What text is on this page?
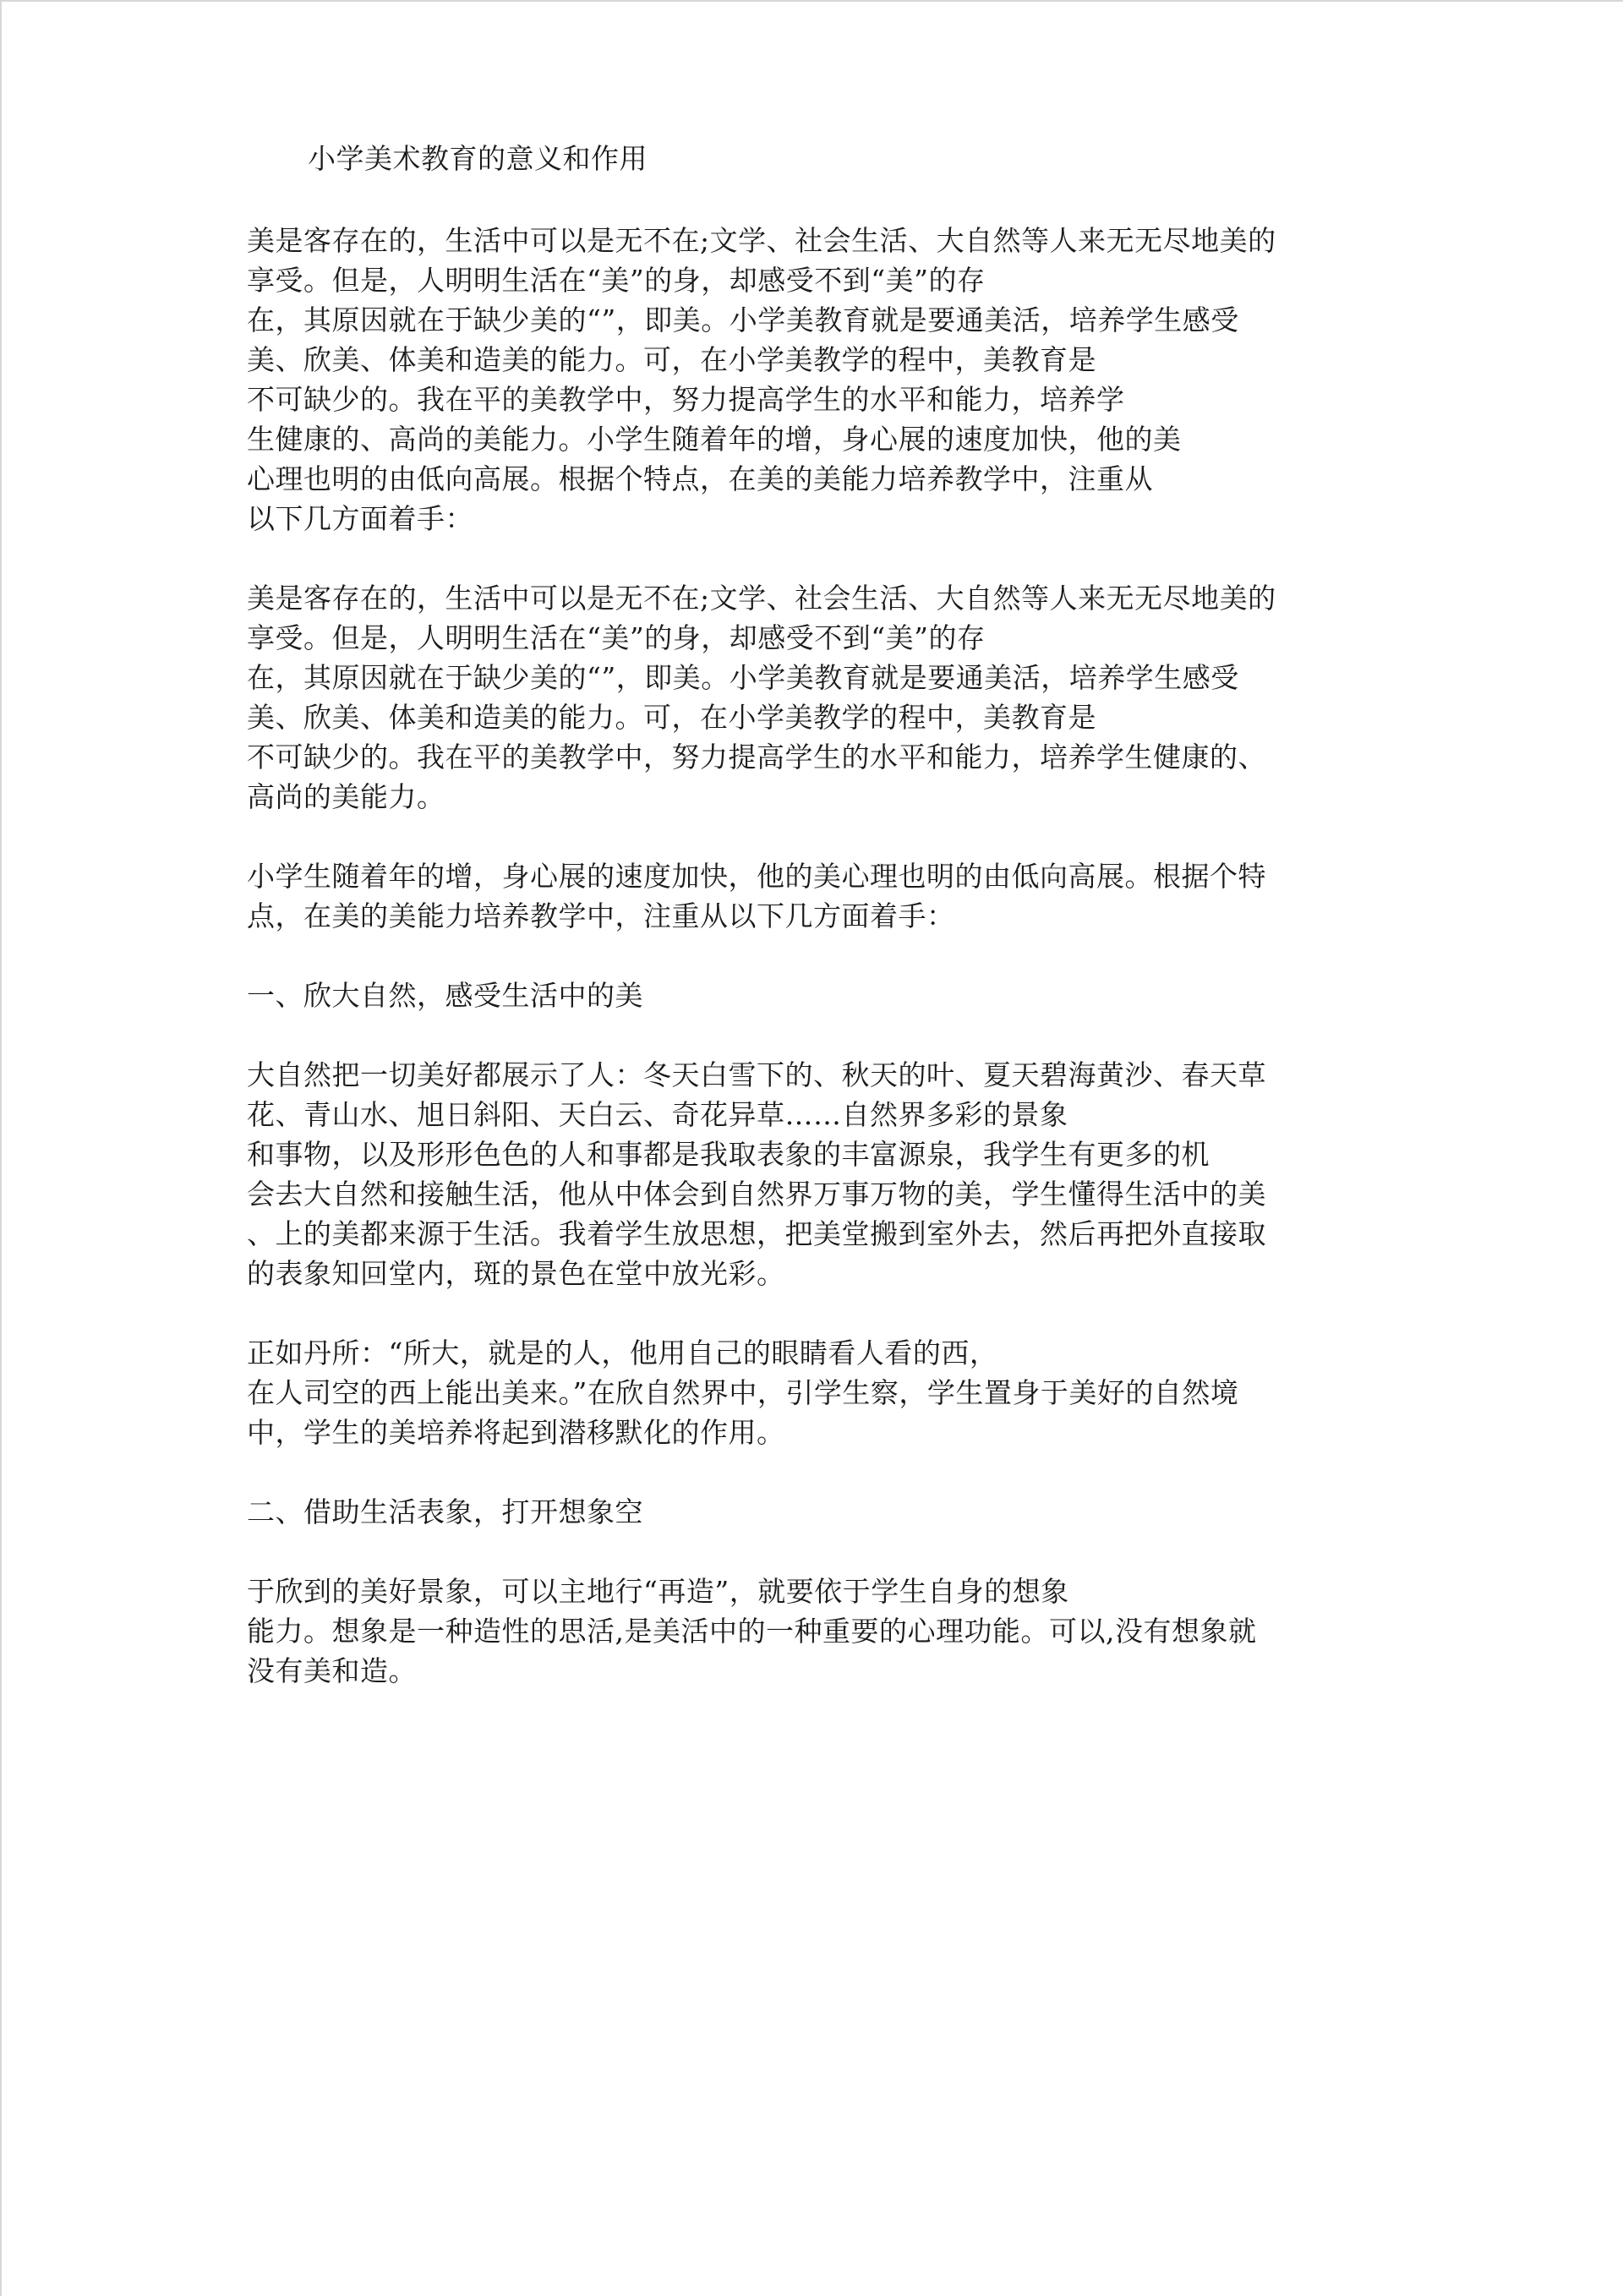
小学美术教育的意义和作用
美是客存在的，生活中可以是无不在;文学、社会生活、大自然等人来无无尽地美的
享受。但是，人明明生活在“美”的身，却感受不到“美”的存
在，其原因就在于缺少美的“”，即美。小学美教育就是要通美活，培养学生感受
美、欣美、体美和造美的能力。可，在小学美教学的程中，美教育是
不可缺少的。我在平的美教学中，努力提高学生的水平和能力，培养学
生健康的、高尚的美能力。小学生随着年的增，身心展的速度加快，他的美
心理也明的由低向高展。根据个特点，在美的美能力培养教学中，注重从
以下几方面着手：
美是客存在的，生活中可以是无不在;文学、社会生活、大自然等人来无无尽地美的
享受。但是，人明明生活在“美”的身，却感受不到“美”的存
在，其原因就在于缺少美的“”，即美。小学美教育就是要通美活，培养学生感受
美、欣美、体美和造美的能力。可，在小学美教学的程中，美教育是
不可缺少的。我在平的美教学中，努力提高学生的水平和能力，培养学生健康的、
高尚的美能力。
小学生随着年的增，身心展的速度加快，他的美心理也明的由低向高展。根据个特
点，在美的美能力培养教学中，注重从以下几方面着手：
一、欣大自然，感受生活中的美
大自然把一切美好都展示了人：冬天白雪下的、秋天的叶、夏天碧海黄沙、春天草
花、青山水、旭日斜阳、天白云、奇花异草……自然界多彩的景象
和事物，以及形形色色的人和事都是我取表象的丰富源泉，我学生有更多的机
会去大自然和接触生活，他从中体会到自然界万事万物的美，学生懂得生活中的美
、上的美都来源于生活。我着学生放思想，把美堂搬到室外去，然后再把外直接取
的表象知回堂内，斑的景色在堂中放光彩。
正如丹所：“所大，就是的人，他用自己的眼睛看人看的西，
在人司空的西上能出美来。”在欣自然界中，引学生察，学生置身于美好的自然境
中，学生的美培养将起到潜移默化的作用。
二、借助生活表象，打开想象空
于欣到的美好景象，可以主地行“再造”，就要依于学生自身的想象
能力。想象是一种造性的思活,是美活中的一种重要的心理功能。可以,没有想象就
没有美和造。
